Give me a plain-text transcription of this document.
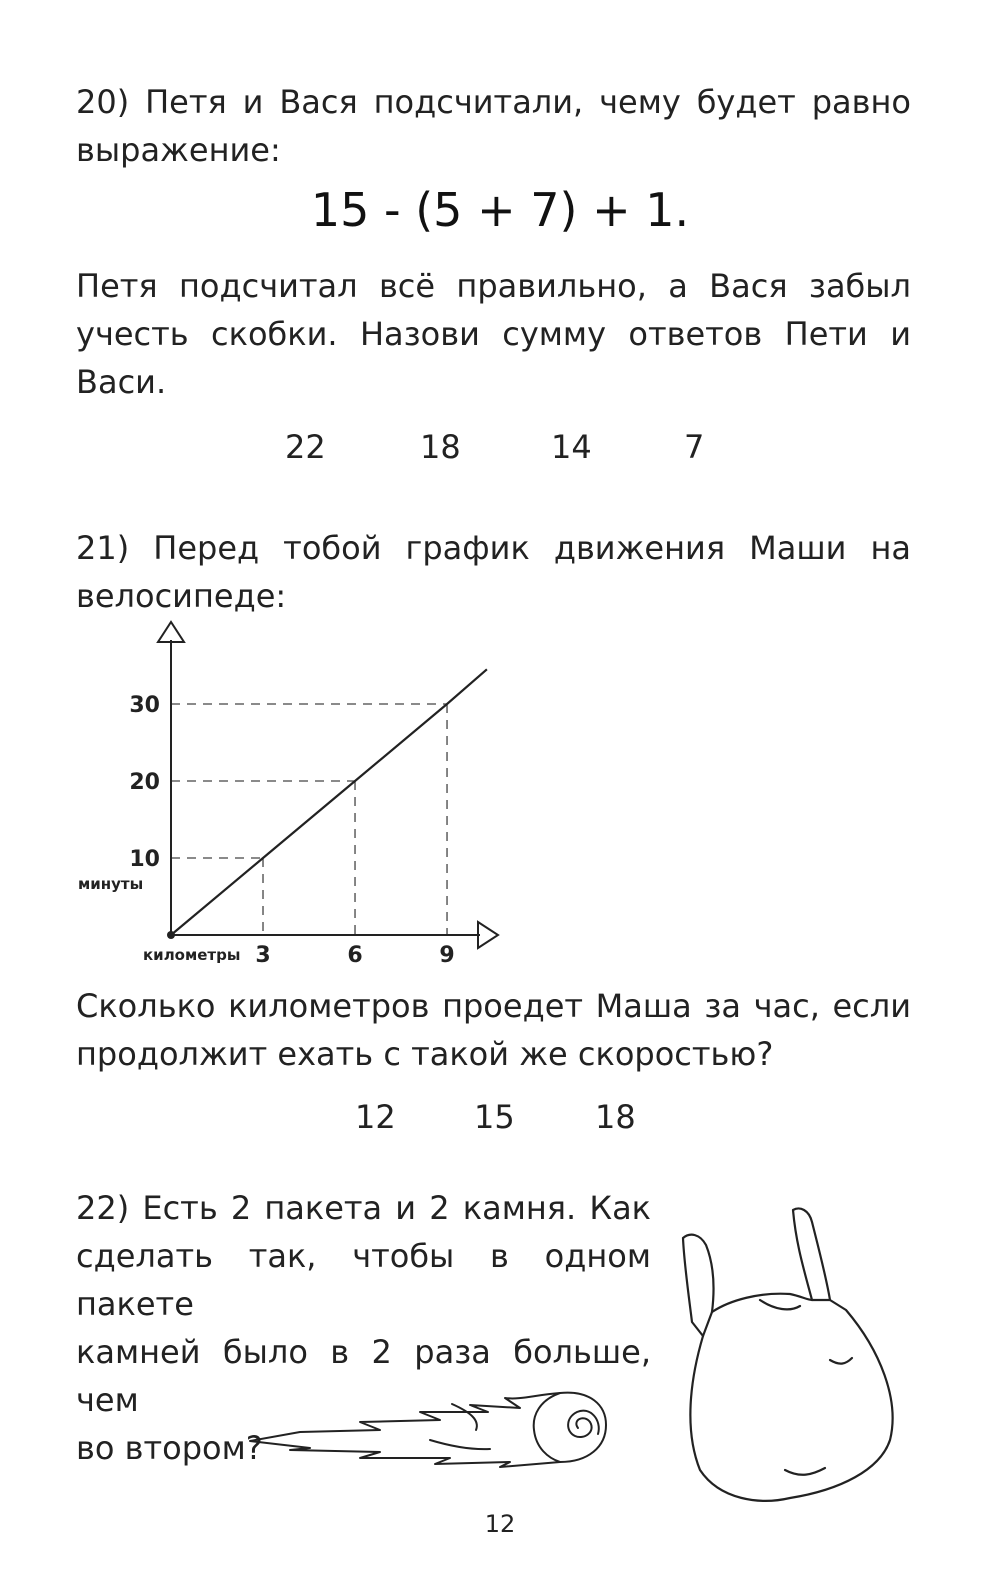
20) Петя и Вася подсчитали, чему будет равно
выражение:
15 - (5 + 7) + 1.
Петя подсчитал всё правильно, а Вася забыл
учесть скобки. Назови сумму ответов Пети и
Васи.
22	18	14	7
21) Перед тобой график движения Маши на
велосипеде:
10
20
30
3	6	9
минуты
километры
Сколько километров проедет Маша за час, если
продолжит ехать с такой же скоростью?
12 15	18
22) Есть 2 пакета и 2 камня. Как
сделать так, чтобы в одном пакете
камней было в 2 раза больше, чем
во втором?
12
